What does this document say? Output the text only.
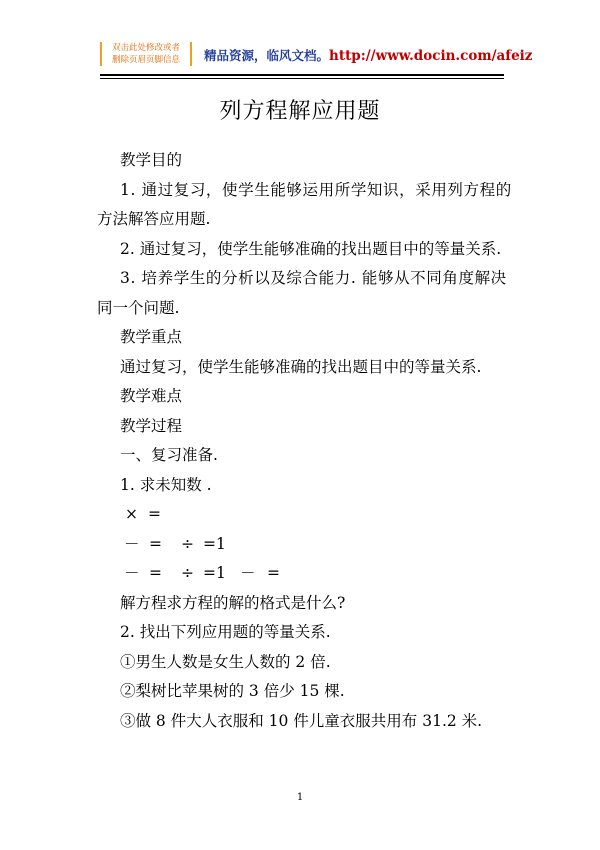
双击此处修改或者
删除页眉页脚信息	精品资源，临风文档。http://www.docin.com/afeiz
列方程解应用题
教学目的
1. 通过复习，使学生能够运用所学知识，采用列方程的
方法解答应用题.
2. 通过复习，使学生能够准确的找出题目中的等量关系.
3. 培养学生的分析以及综合能力. 能够从不同角度解决
同一个问题.
教学重点
通过复习，使学生能够准确的找出题目中的等量关系.
教学难点
教学过程
一、复习准备.
1. 求未知数 .
× =
－ = ÷ =1
－ = ÷ =1 － =
解方程求方程的解的格式是什么?
2. 找出下列应用题的等量关系.
①男生人数是女生人数的 2 倍.
②梨树比苹果树的 3 倍少 15 棵.
③做 8 件大人衣服和 10 件儿童衣服共用布 31.2 米.
1
